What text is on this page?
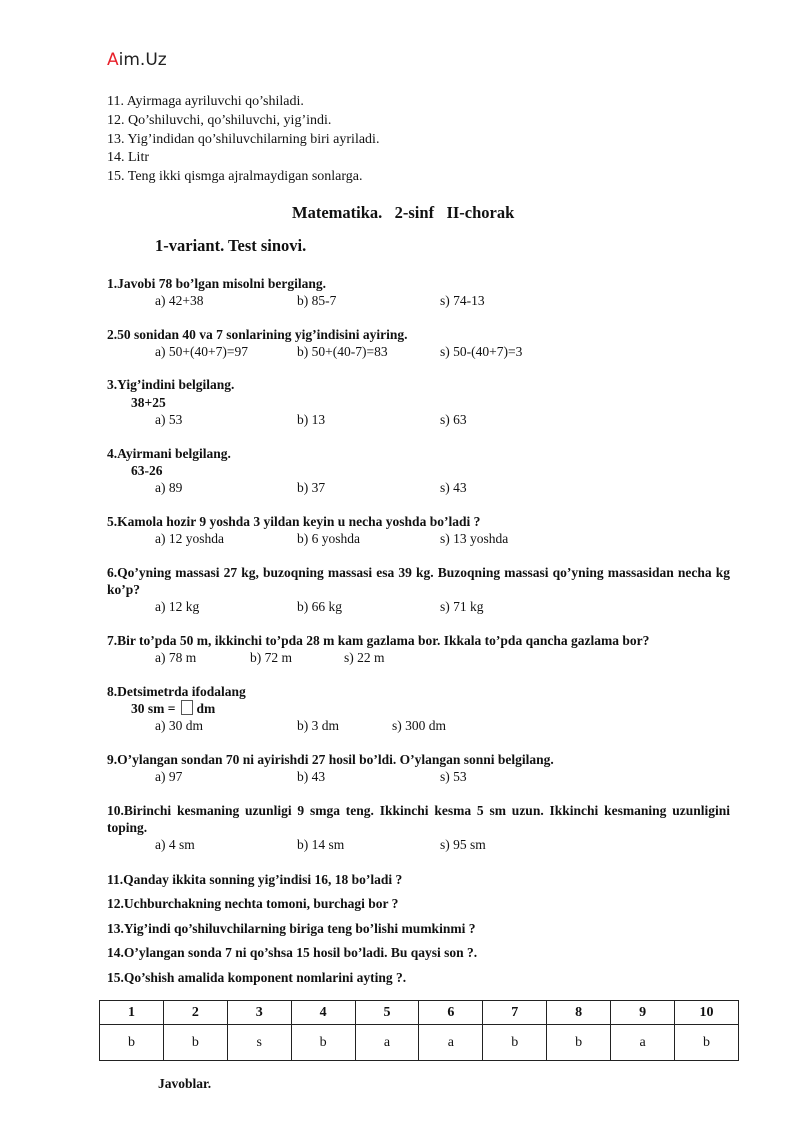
Aim.Uz
11. Ayirmaga ayriluvchi qo’shiladi.
12. Qo’shiluvchi, qo’shiluvchi, yig’indi.
13. Yig’indidan qo’shiluvchilarning biri ayriladi.
14. Litr
15. Teng ikki qismga ajralmaydigan sonlarga.
Matematika.   2-sinf   II-chorak
1-variant. Test sinovi.
1.Javobi 78 bo’lgan misolni bergilang.
a) 42+38	b) 85-7	s) 74-13
2.50 sonidan 40 va 7 sonlarining yig’indisini ayiring.
a) 50+(40+7)=97	b) 50+(40-7)=83	s) 50-(40+7)=3
3.Yig’indini belgilang.
38+25
a) 53	b) 13	s) 63
4.Ayirmani belgilang.
63-26
a) 89	b) 37	s) 43
5.Kamola hozir 9 yoshda 3 yildan keyin u necha yoshda bo’ladi ?
a) 12 yoshda	b) 6 yoshda	s) 13 yoshda
6.Qo’yning massasi 27 kg, buzoqning massasi esa 39 kg. Buzoqning massasi qo’yning massasidan necha kg ko’p?
a) 12 kg	b) 66 kg	s) 71 kg
7.Bir to’pda 50 m, ikkinchi to’pda 28 m kam gazlama bor. Ikkala to’pda qancha gazlama bor?
a) 78 m	b) 72 m	s) 22 m
8.Detsimetrda ifodalang
30 sm = dm
a) 30 dm	b) 3 dm	s) 300 dm
9.O’ylangan sondan 70 ni ayirishdi 27 hosil bo’ldi. O’ylangan sonni belgilang.
a) 97	b) 43	s) 53
10.Birinchi kesmaning uzunligi 9 smga teng. Ikkinchi kesma 5 sm uzun. Ikkinchi kesmaning uzunligini toping.
a) 4 sm	b) 14 sm	s) 95 sm
11.Qanday ikkita sonning yig’indisi 16, 18 bo’ladi ?
12.Uchburchakning nechta tomoni, burchagi bor ?
13.Yig’indi qo’shiluvchilarning biriga teng bo’lishi mumkinmi ?
14.O’ylangan sonda 7 ni qo’shsa 15 hosil bo’ladi. Bu qaysi son ?.
15.Qo’shish amalida komponent nomlarini ayting ?.
1	2	3	4	5	6	7	8	9	10
b	b	s	b	a	a	b	b	a	b
Javoblar.
